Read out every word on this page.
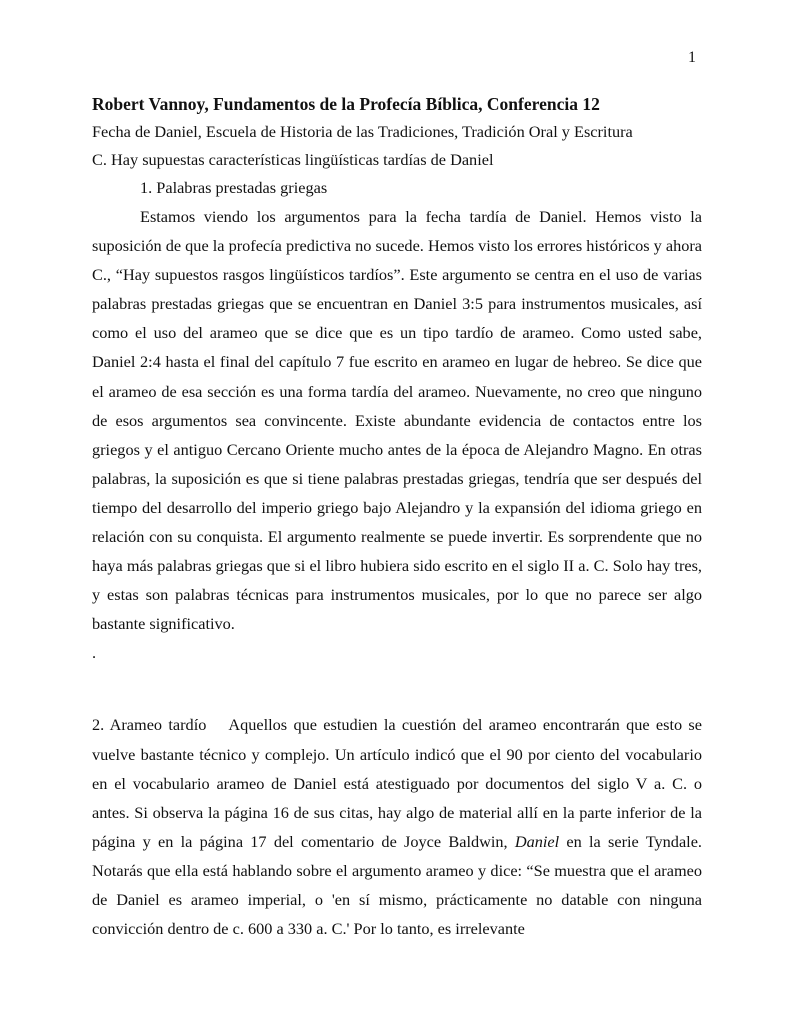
1

Robert Vannoy, Fundamentos de la Profecía Bíblica, Conferencia 12

Fecha de Daniel, Escuela de Historia de las Tradiciones, Tradición Oral y Escritura

C. Hay supuestas características lingüísticas tardías de Daniel

1. Palabras prestadas griegas

Estamos viendo los argumentos para la fecha tardía de Daniel. Hemos visto la suposición de que la profecía predictiva no sucede. Hemos visto los errores históricos y ahora C., “Hay supuestos rasgos lingüísticos tardíos”. Este argumento se centra en el uso de varias palabras prestadas griegas que se encuentran en Daniel 3:5 para instrumentos musicales, así como el uso del arameo que se dice que es un tipo tardío de arameo. Como usted sabe, Daniel 2:4 hasta el final del capítulo 7 fue escrito en arameo en lugar de hebreo. Se dice que el arameo de esa sección es una forma tardía del arameo. Nuevamente, no creo que ninguno de esos argumentos sea convincente. Existe abundante evidencia de contactos entre los griegos y el antiguo Cercano Oriente mucho antes de la época de Alejandro Magno. En otras palabras, la suposición es que si tiene palabras prestadas griegas, tendría que ser después del tiempo del desarrollo del imperio griego bajo Alejandro y la expansión del idioma griego en relación con su conquista. El argumento realmente se puede invertir. Es sorprendente que no haya más palabras griegas que si el libro hubiera sido escrito en el siglo II a. C. Solo hay tres, y estas son palabras técnicas para instrumentos musicales, por lo que no parece ser algo bastante significativo.

.

2. Arameo tardío Aquellos que estudien la cuestión del arameo encontrarán que esto se vuelve bastante técnico y complejo. Un artículo indicó que el 90 por ciento del vocabulario en el vocabulario arameo de Daniel está atestiguado por documentos del siglo V a. C. o antes. Si observa la página 16 de sus citas, hay algo de material allí en la parte inferior de la página y en la página 17 del comentario de Joyce Baldwin, Daniel en la serie Tyndale. Notarás que ella está hablando sobre el argumento arameo y dice: “Se muestra que el arameo de Daniel es arameo imperial, o 'en sí mismo, prácticamente no datable con ninguna convicción dentro de c. 600 a 330 a. C.' Por lo tanto, es irrelevante
